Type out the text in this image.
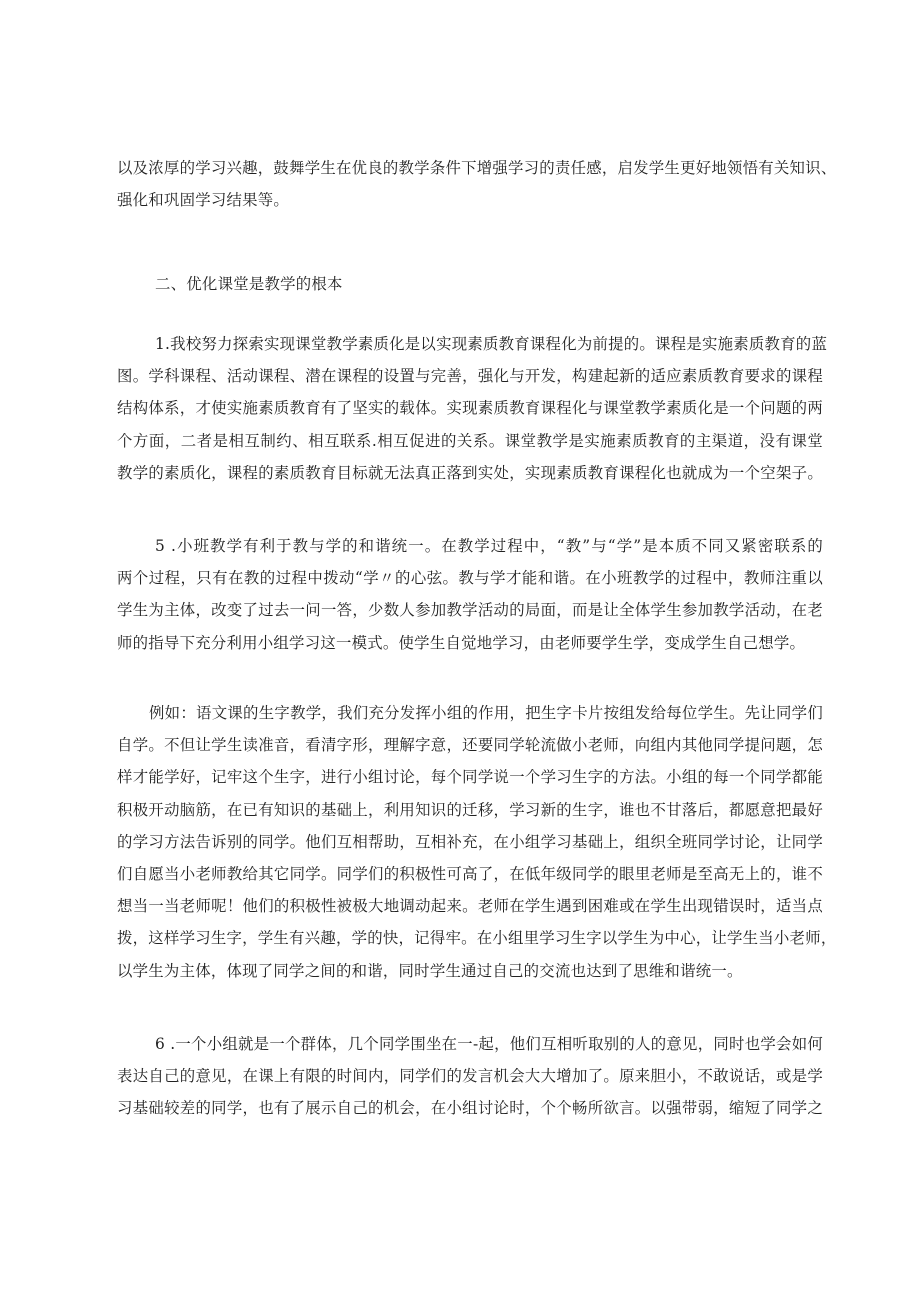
以及浓厚的学习兴趣，鼓舞学生在优良的教学条件下增强学习的责任感，启发学生更好地领悟有关知识、
强化和巩固学习结果等。
二、优化课堂是教学的根本
1.我校努力探索实现课堂教学素质化是以实现素质教育课程化为前提的。课程是实施素质教育的蓝
图。学科课程、活动课程、潜在课程的设置与完善，强化与开发，构建起新的适应素质教育要求的课程
结构体系，才使实施素质教育有了坚实的载体。实现素质教育课程化与课堂教学素质化是一个问题的两
个方面，二者是相互制约、相互联系.相互促进的关系。课堂教学是实施素质教育的主渠道，没有课堂
教学的素质化，课程的素质教育目标就无法真正落到实处，实现素质教育课程化也就成为一个空架子。
5 .小班教学有利于教与学的和谐统一。在教学过程中，“教”与“学”是本质不同又紧密联系的
两个过程，只有在教的过程中拨动“学〃的心弦。教与学才能和谐。在小班教学的过程中，教师注重以
学生为主体，改变了过去一问一答，少数人参加教学活动的局面，而是让全体学生参加教学活动，在老
师的指导下充分利用小组学习这一模式。使学生自觉地学习，由老师要学生学，变成学生自己想学。
例如：语文课的生字教学，我们充分发挥小组的作用，把生字卡片按组发给每位学生。先让同学们
自学。不但让学生读准音，看清字形，理解字意，还要同学轮流做小老师，向组内其他同学提问题，怎
样才能学好，记牢这个生字，进行小组讨论，每个同学说一个学习生字的方法。小组的每一个同学都能
积极开动脑筋，在已有知识的基础上，利用知识的迁移，学习新的生字，谁也不甘落后，都愿意把最好
的学习方法告诉别的同学。他们互相帮助，互相补充，在小组学习基础上，组织全班同学讨论，让同学
们自愿当小老师教给其它同学。同学们的积极性可高了，在低年级同学的眼里老师是至高无上的，谁不
想当一当老师呢！他们的积极性被极大地调动起来。老师在学生遇到困难或在学生出现错误时，适当点
拨，这样学习生字，学生有兴趣，学的快，记得牢。在小组里学习生字以学生为中心，让学生当小老师，
以学生为主体，体现了同学之间的和谐，同时学生通过自己的交流也达到了思维和谐统一。
6 .一个小组就是一个群体，几个同学围坐在一-起，他们互相听取别的人的意见，同时也学会如何
表达自己的意见，在课上有限的时间内，同学们的发言机会大大增加了。原来胆小，不敢说话，或是学
习基础较差的同学，也有了展示自己的机会，在小组讨论时，个个畅所欲言。以强带弱，缩短了同学之
